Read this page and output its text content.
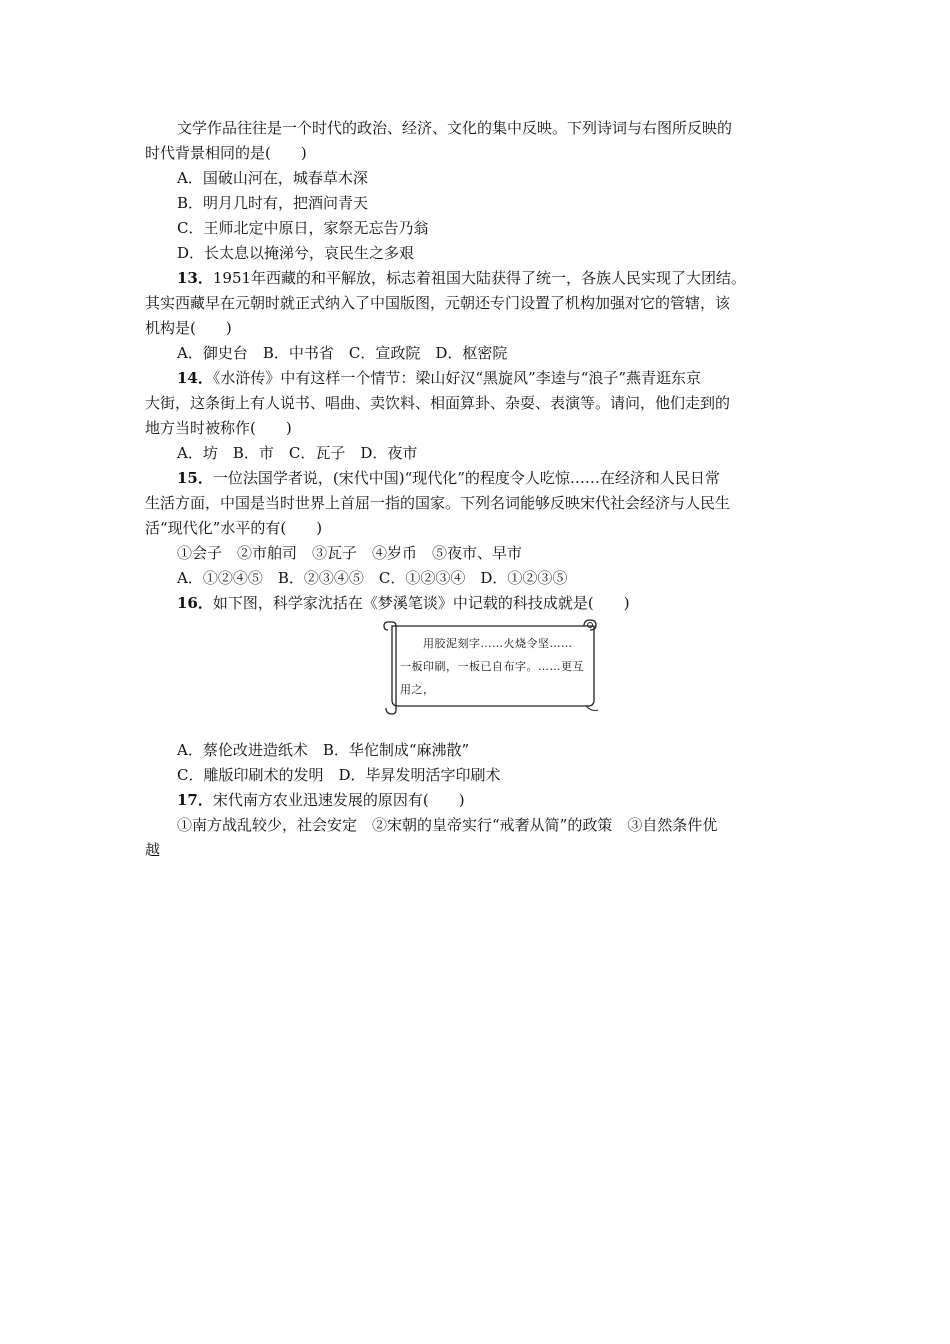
文学作品往往是一个时代的政治、经济、文化的集中反映。下列诗词与右图所反映的
时代背景相同的是(　　)
A．国破山河在，城春草木深
B．明月几时有，把酒问青天
C．王师北定中原日，家祭无忘告乃翁
D．长太息以掩涕兮，哀民生之多艰
13．1951年西藏的和平解放，标志着祖国大陆获得了统一，各族人民实现了大团结。
其实西藏早在元朝时就正式纳入了中国版图，元朝还专门设置了机构加强对它的管辖，该
机构是(　　)
A．御史台　B．中书省　C．宣政院　D．枢密院
14．《水浒传》中有这样一个情节：梁山好汉“黑旋风”李逵与“浪子”燕青逛东京
大街，这条街上有人说书、唱曲、卖饮料、相面算卦、杂耍、表演等。请问，他们走到的
地方当时被称作(　　)
A．坊　B．市　C．瓦子　D．夜市
15．一位法国学者说，(宋代中国)“现代化”的程度令人吃惊……在经济和人民日常
生活方面，中国是当时世界上首屈一指的国家。下列名词能够反映宋代社会经济与人民生
活“现代化”水平的有(　　)
①会子　②市舶司　③瓦子　④岁币　⑤夜市、早市
A．①②④⑤　B．②③④⑤　C．①②③④　D．①②③⑤
16．如下图，科学家沈括在《梦溪笔谈》中记载的科技成就是(　　)
用胶泥刻字……火烧令坚……
一板印刷，一板已自布字。……更互
用之，
A．蔡伦改进造纸术　B．华佗制成“麻沸散”
C．雕版印刷术的发明　D．毕昇发明活字印刷术
17．宋代南方农业迅速发展的原因有(　　)
①南方战乱较少，社会安定　②宋朝的皇帝实行“戒奢从简”的政策　③自然条件优
越
